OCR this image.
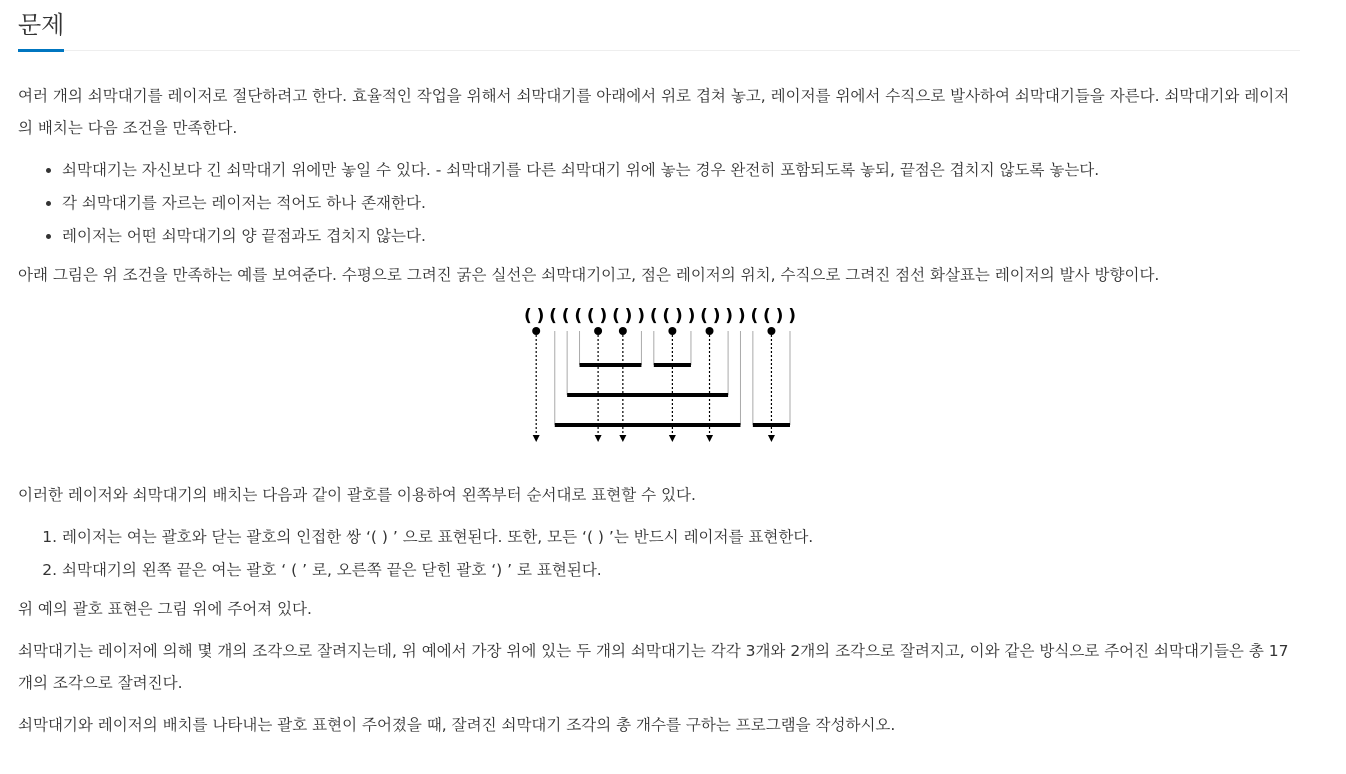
문제

여러 개의 쇠막대기를 레이저로 절단하려고 한다. 효율적인 작업을 위해서 쇠막대기를 아래에서 위로 겹쳐 놓고, 레이저를 위에서 수직으로 발사하여 쇠막대기들을 자른다. 쇠막대기와 레이저의 배치는 다음 조건을 만족한다.

• 쇠막대기는 자신보다 긴 쇠막대기 위에만 놓일 수 있다. - 쇠막대기를 다른 쇠막대기 위에 놓는 경우 완전히 포함되도록 놓되, 끝점은 겹치지 않도록 놓는다.
• 각 쇠막대기를 자르는 레이저는 적어도 하나 존재한다.
• 레이저는 어떤 쇠막대기의 양 끝점과도 겹치지 않는다.

아래 그림은 위 조건을 만족하는 예를 보여준다. 수평으로 그려진 굵은 실선은 쇠막대기이고, 점은 레이저의 위치, 수직으로 그려진 점선 화살표는 레이저의 발사 방향이다.

( ) ( ( ( ( ) ( ) ) ( ( ) ) ( ) ) ) ( ( ) )

이러한 레이저와 쇠막대기의 배치는 다음과 같이 괄호를 이용하여 왼쪽부터 순서대로 표현할 수 있다.

1. 레이저는 여는 괄호와 닫는 괄호의 인접한 쌍 ‘( ) ’ 으로 표현된다. 또한, 모든 ‘( ) ’는 반드시 레이저를 표현한다.
2. 쇠막대기의 왼쪽 끝은 여는 괄호 ‘ ( ’ 로, 오른쪽 끝은 닫힌 괄호 ‘) ’ 로 표현된다.

위 예의 괄호 표현은 그림 위에 주어져 있다.

쇠막대기는 레이저에 의해 몇 개의 조각으로 잘려지는데, 위 예에서 가장 위에 있는 두 개의 쇠막대기는 각각 3개와 2개의 조각으로 잘려지고, 이와 같은 방식으로 주어진 쇠막대기들은 총 17개의 조각으로 잘려진다.

쇠막대기와 레이저의 배치를 나타내는 괄호 표현이 주어졌을 때, 잘려진 쇠막대기 조각의 총 개수를 구하는 프로그램을 작성하시오.
